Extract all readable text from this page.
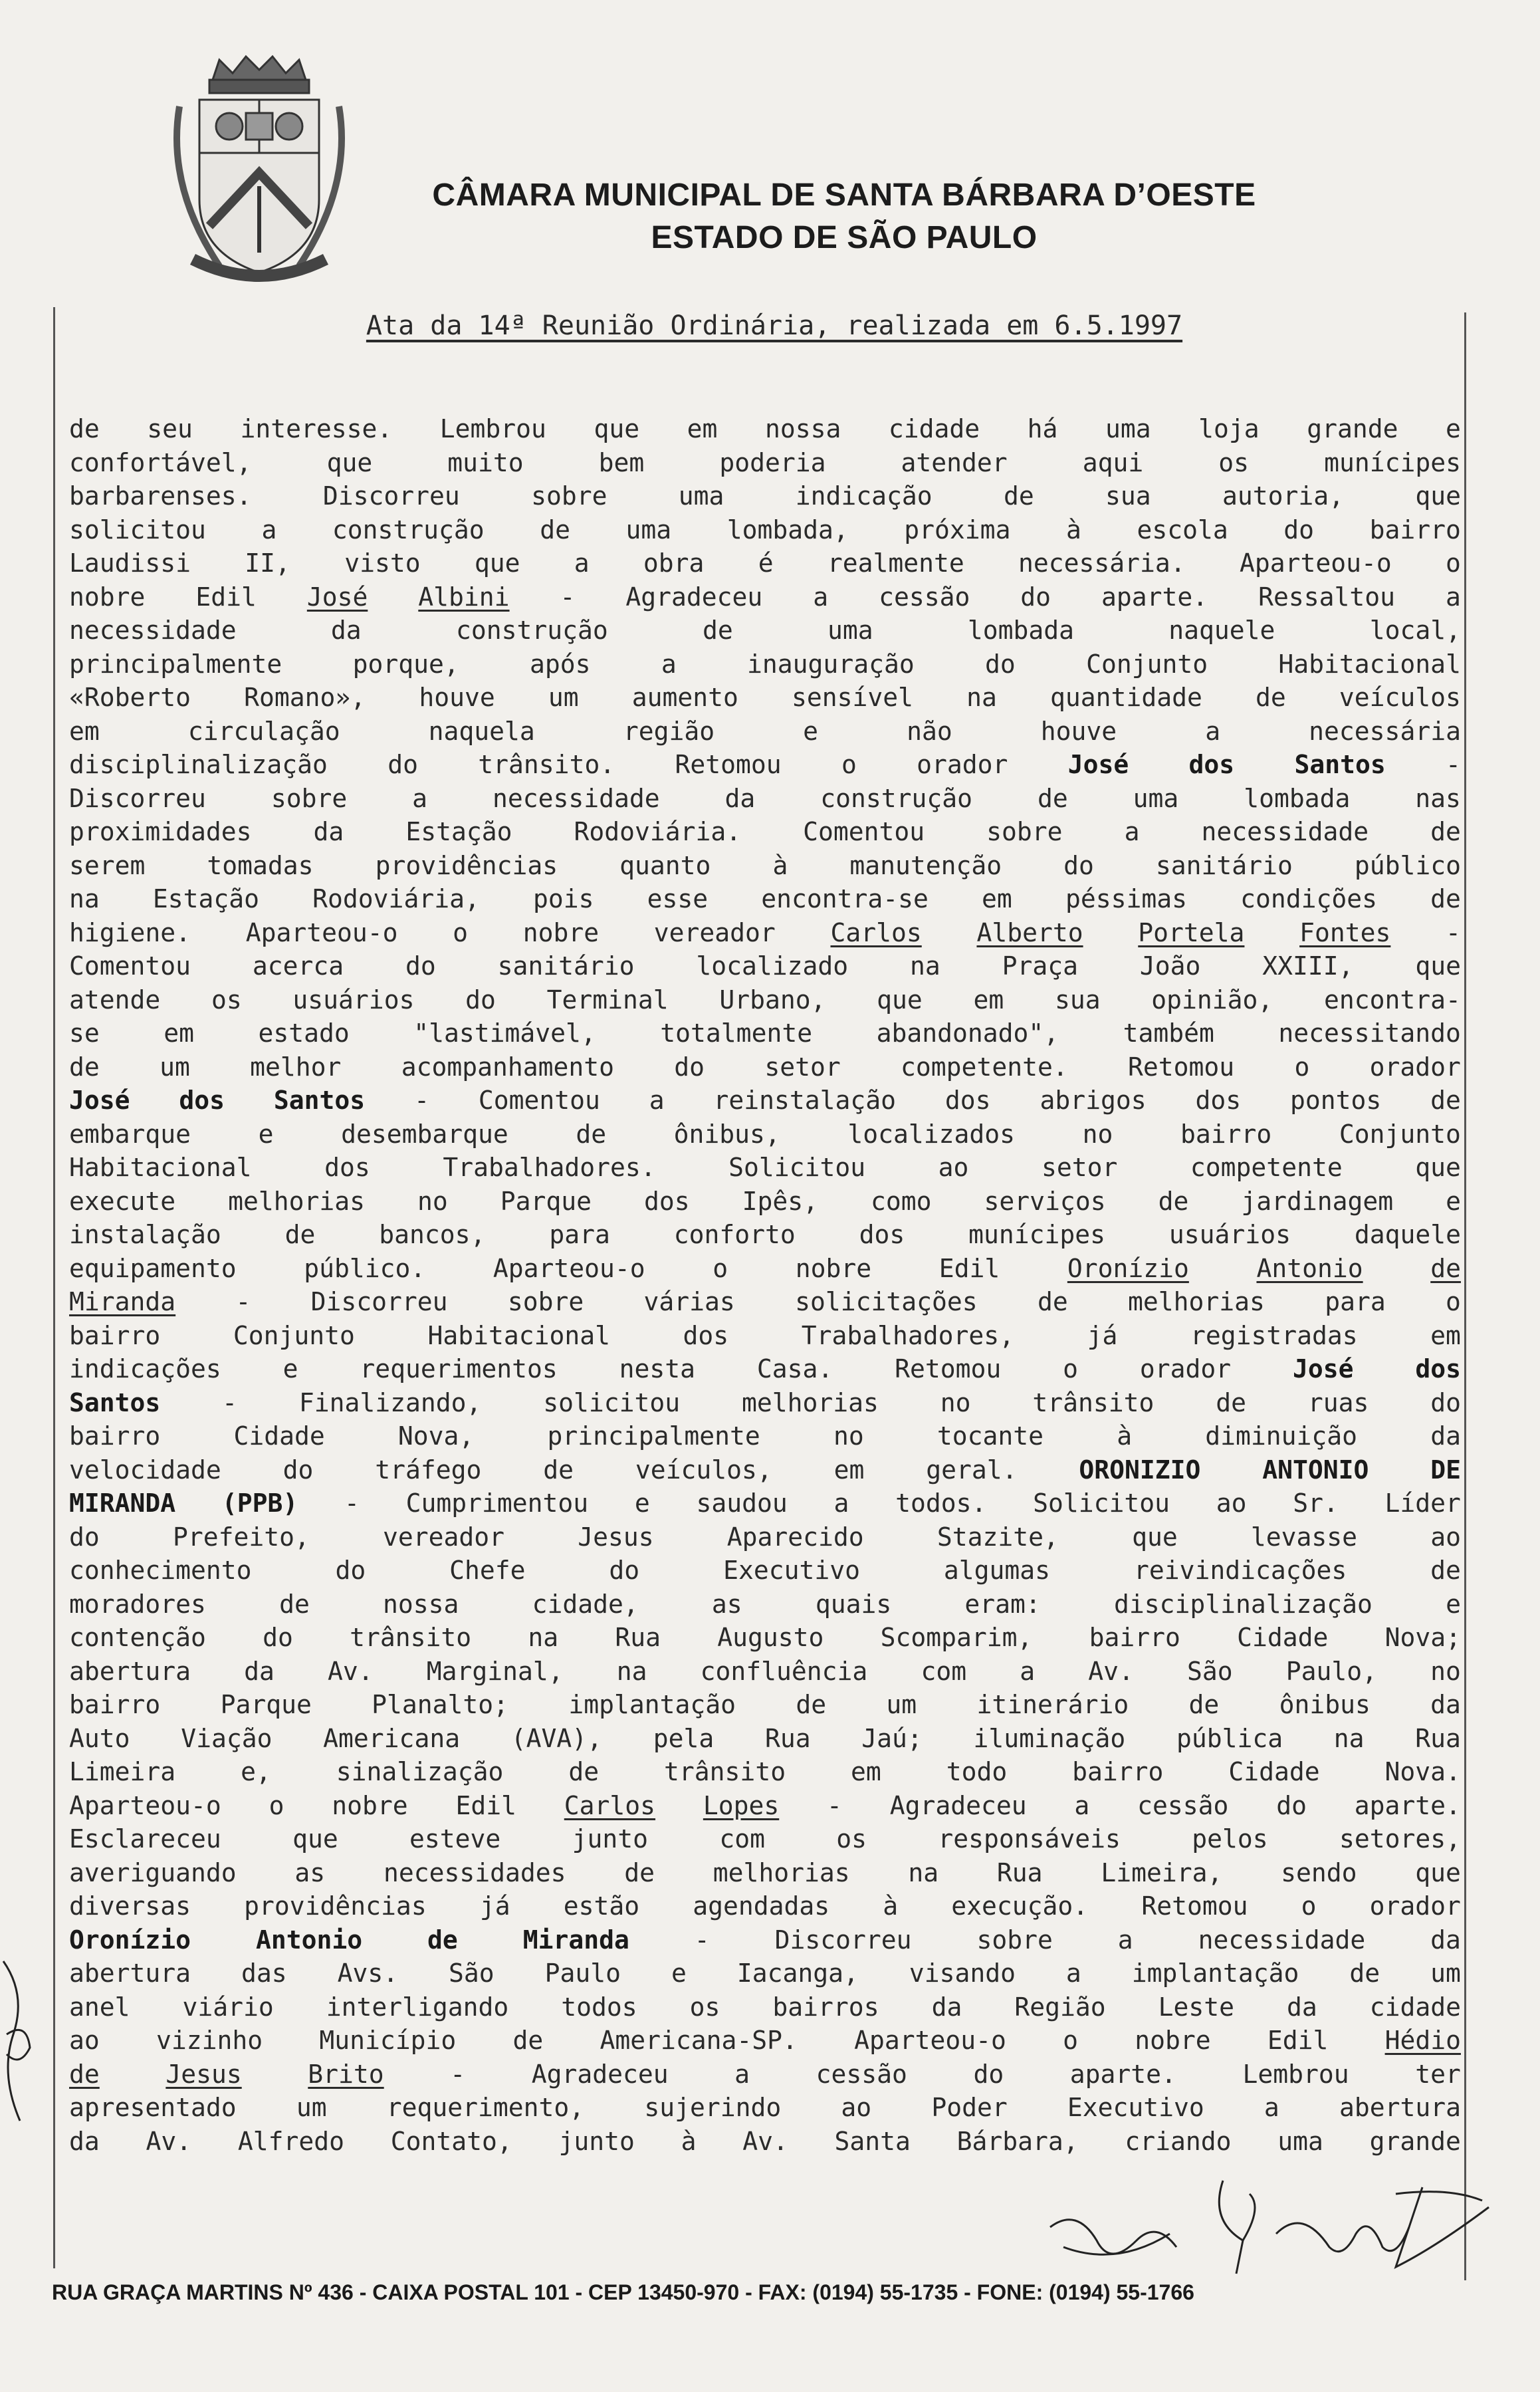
CÂMARA MUNICIPAL DE SANTA BÁRBARA D’OESTE
ESTADO DE SÃO PAULO
Ata da 14ª Reunião Ordinária, realizada em 6.5.1997
de seu interesse. Lembrou que em nossa cidade há uma loja grande e
confortável,	que	muito	bem	poderia	atender	aqui	os	munícipes
barbarenses.	Discorreu	sobre	uma	indicação	de	sua	autoria,	que
solicitou a construção de uma lombada, próxima à escola do bairro
Laudissi II, visto que a obra é realmente necessária. Aparteou-o o
nobre Edil José Albini - Agradeceu a cessão do aparte. Ressaltou a
necessidade	da	construção	de	uma	lombada	naquele	local,
principalmente	porque,	após	a	inauguração	do	Conjunto	Habitacional
«Roberto Romano», houve um aumento sensível na quantidade de veículos
em	circulação	naquela	região	e	não	houve	a	necessária
disciplinalização do trânsito. Retomou o orador José dos Santos -
Discorreu	sobre	a	necessidade	da	construção	de	uma	lombada	nas
proximidades da Estação Rodoviária. Comentou sobre a necessidade de
serem tomadas providências quanto à manutenção do sanitário público
na Estação Rodoviária, pois esse encontra-se em péssimas condições de
higiene. Aparteou-o o nobre vereador Carlos Alberto Portela Fontes -
Comentou acerca do sanitário localizado na Praça João XXIII, que
atende os usuários do Terminal Urbano, que em sua opinião, encontra-
se	em	estado	"lastimável,	totalmente	abandonado",	também	necessitando
de um melhor acompanhamento do setor competente. Retomou o orador
José dos Santos - Comentou a reinstalação dos abrigos dos pontos de
embarque	e	desembarque	de	ônibus,	localizados	no	bairro	Conjunto
Habitacional	dos	Trabalhadores.	Solicitou	ao	setor	competente	que
execute melhorias no Parque dos Ipês, como serviços de jardinagem e
instalação	de	bancos,	para	conforto	dos	munícipes	usuários	daquele
equipamento	público.	Aparteou-o	o	nobre	Edil	Oronízio	Antonio	de
Miranda - Discorreu sobre várias solicitações de melhorias para o
bairro	Conjunto	Habitacional	dos	Trabalhadores,	já	registradas	em
indicações e requerimentos nesta Casa. Retomou o orador José dos
Santos - Finalizando, solicitou melhorias no trânsito de ruas do
bairro	Cidade	Nova,	principalmente	no	tocante	à	diminuição	da
velocidade do tráfego de veículos, em geral. ORONIZIO ANTONIO DE
MIRANDA (PPB) - Cumprimentou e saudou a todos. Solicitou ao Sr. Líder
do	Prefeito,	vereador	Jesus	Aparecido	Stazite,	que	levasse	ao
conhecimento	do	Chefe	do	Executivo	algumas	reivindicações	de
moradores	de	nossa	cidade,	as	quais	eram:	disciplinalização	e
contenção do trânsito na Rua Augusto Scomparim, bairro Cidade Nova;
abertura da Av. Marginal, na confluência com a Av. São Paulo, no
bairro Parque Planalto; implantação de um itinerário de ônibus da
Auto Viação Americana (AVA), pela Rua Jaú; iluminação pública na Rua
Limeira	e,	sinalização	de	trânsito	em	todo	bairro	Cidade	Nova.
Aparteou-o o nobre Edil Carlos Lopes - Agradeceu a cessão do aparte.
Esclareceu	que	esteve	junto	com	os	responsáveis	pelos	setores,
averiguando as necessidades de melhorias na Rua Limeira, sendo que
diversas providências já estão agendadas à execução. Retomou o orador
Oronízio	Antonio	de	Miranda	-	Discorreu	sobre	a	necessidade	da
abertura das Avs. São Paulo e Iacanga, visando a implantação de um
anel viário interligando todos os bairros da Região Leste da cidade
ao vizinho Município de Americana-SP. Aparteou-o o nobre Edil Hédio
de	Jesus	Brito	-	Agradeceu	a	cessão	do	aparte.	Lembrou	ter
apresentado um requerimento, sujerindo ao Poder Executivo a abertura
da Av. Alfredo Contato, junto à Av. Santa Bárbara, criando uma grande
RUA GRAÇA MARTINS Nº 436 - CAIXA POSTAL 101 - CEP 13450-970 - FAX: (0194) 55-1735 - FONE: (0194) 55-1766
